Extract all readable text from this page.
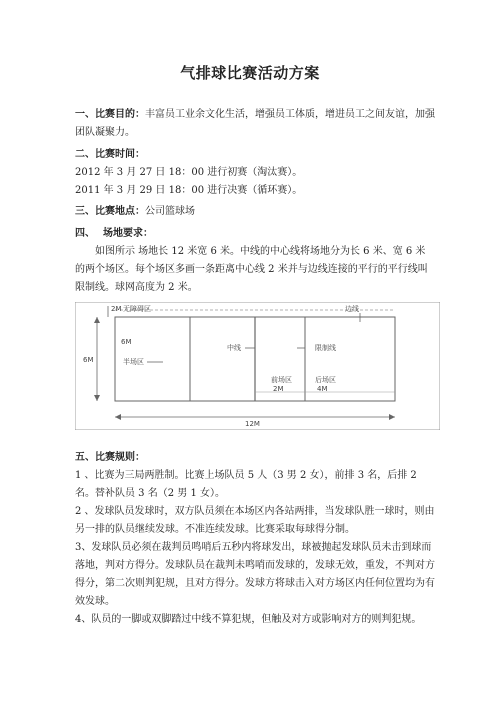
气排球比赛活动方案
一、比赛目的：丰富员工业余文化生活，增强员工体质，增进员工之间友谊，加强团队凝聚力。
二、比赛时间：
2012 年 3 月 27 日 18：00 进行初赛（淘汰赛）。
2011 年 3 月 29 日 18：00 进行决赛（循环赛）。
三、比赛地点：公司篮球场
四、 场地要求：
如图所示 场地长 12 米宽 6 米。中线的中心线将场地分为长 6 米、宽 6 米的两个场区。每个场区多画一条距离中心线 2 米并与边线连接的平行的平行线叫限制线。球网高度为 2 米。
2M 无障碍区	边线
6M
6M
半场区
中线	限制线
前场区
2M
后场区
4M
12M

五、比赛规则：

1 、比赛为三局两胜制。比赛上场队员 5 人（3 男 2 女），前排 3 名，后排 2 名。替补队员 3 名（2 男 1 女）。

2 、发球队员发球时，双方队员须在本场区内各站两排，当发球队胜一球时，则由另一排的队员继续发球。不准连续发球。比赛采取每球得分制。

3、发球队员必须在裁判员鸣哨后五秒内将球发出，球被抛起发球队员未击到球而落地，判对方得分。发球队员在裁判未鸣哨而发球的，发球无效，重发，不判对方得分，第二次则判犯规，且对方得分。发球方将球击入对方场区内任何位置均为有效发球。

4、队员的一脚或双脚踏过中线不算犯规，但触及对方或影响对方的则判犯规。
